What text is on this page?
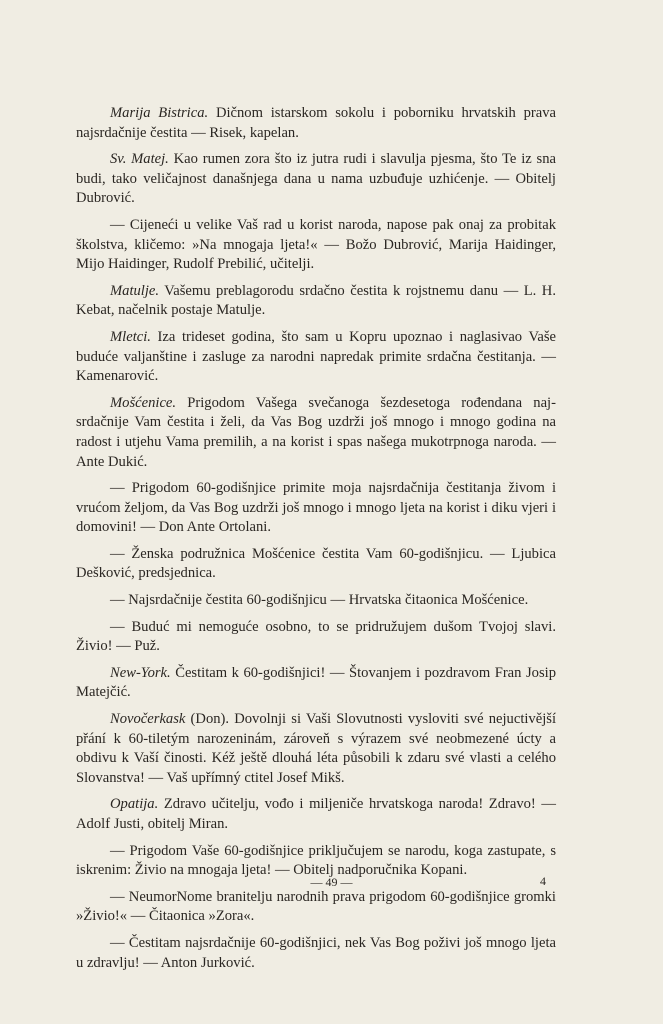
Marija Bistrica. Dičnom istarskom sokolu i poborniku hrvatskih prava najsrdačnije čestita — Risek, kapelan.

Sv. Matej. Kao rumen zora što iz jutra rudi i slavulja pjesma, što Te iz sna budi, tako veličajnost današnjega dana u nama uzbuđuje uzhićenje. — Obitelj Dubrović.

— Cijeneći u velike Vaš rad u korist naroda, napose pak onaj za probitak školstva, kličemo: »Na mnogaja ljeta!« — Božo Dubrović, Marija Haidinger, Mijo Haidinger, Rudolf Prebilić, učitelji.

Matulje. Vašemu preblagorodu srdačno čestita k rojstnemu danu — L. H. Kebat, načelnik postaje Matulje.

Mletci. Iza trideset godina, što sam u Kopru upoznao i naglasivao Vaše buduće valjanštine i zasluge za narodni napredak primite srdačna čestitanja. — Kamenarović.

Mošćenice. Prigodom Vašega svečanoga šezdesetoga rođendana najsrdačnije Vam čestita i želi, da Vas Bog uzdrži još mnogo i mnogo godina na radost i utjehu Vama premilih, a na korist i spas našega mukotrpnoga naroda. — Ante Dukić.

— Prigodom 60-godišnjice primite moja najsrdačnija čestitanja živom i vrućom željom, da Vas Bog uzdrži još mnogo i mnogo ljeta na korist i diku vjeri i domovini! — Don Ante Ortolani.

— Ženska podružnica Mošćenice čestita Vam 60-godišnjicu. — Ljubica Dešković, predsjednica.

— Najsrdačnije čestita 60-godišnjicu — Hrvatska čitaonica Mošćenice.

— Buduć mi nemoguće osobno, to se pridružujem dušom Tvojoj slavi. Živio! — Puž.

New-York. Čestitam k 60-godišnjici! — Štovanjem i pozdravom Fran Josip Matejčić.

Novočerkask (Don). Dovolnji si Vaši Slovutnosti vysloviti své nejuctivější přání k 60-tiletým narozeninám, zároveň s výrazem své neobmezené úcty a obdivu k Vaší činosti. Kéž ještě dlouhá léta působili k zdaru své vlasti a celého Slovanstva! — Vaš upřímný ctitel Josef Mikš.

Opatija. Zdravo učitelju, vođo i miljeniče hrvatskoga naroda! Zdravo! — Adolf Justi, obitelj Miran.

— Prigodom Vaše 60-godišnjice priključujem se narodu, koga zastupate, s iskrenim: Živio na mnogaja ljeta! — Obitelj nadporučnika Kopani.

— NeumorNome branitelju narodnih prava prigodom 60-godišnjice gromki »Živio!« — Čitaonica »Zora«.

— Čestitam najsrdačnije 60-godišnjici, nek Vas Bog poživi još mnogo ljeta u zdravlju! — Anton Jurković.

— 49 —	4
